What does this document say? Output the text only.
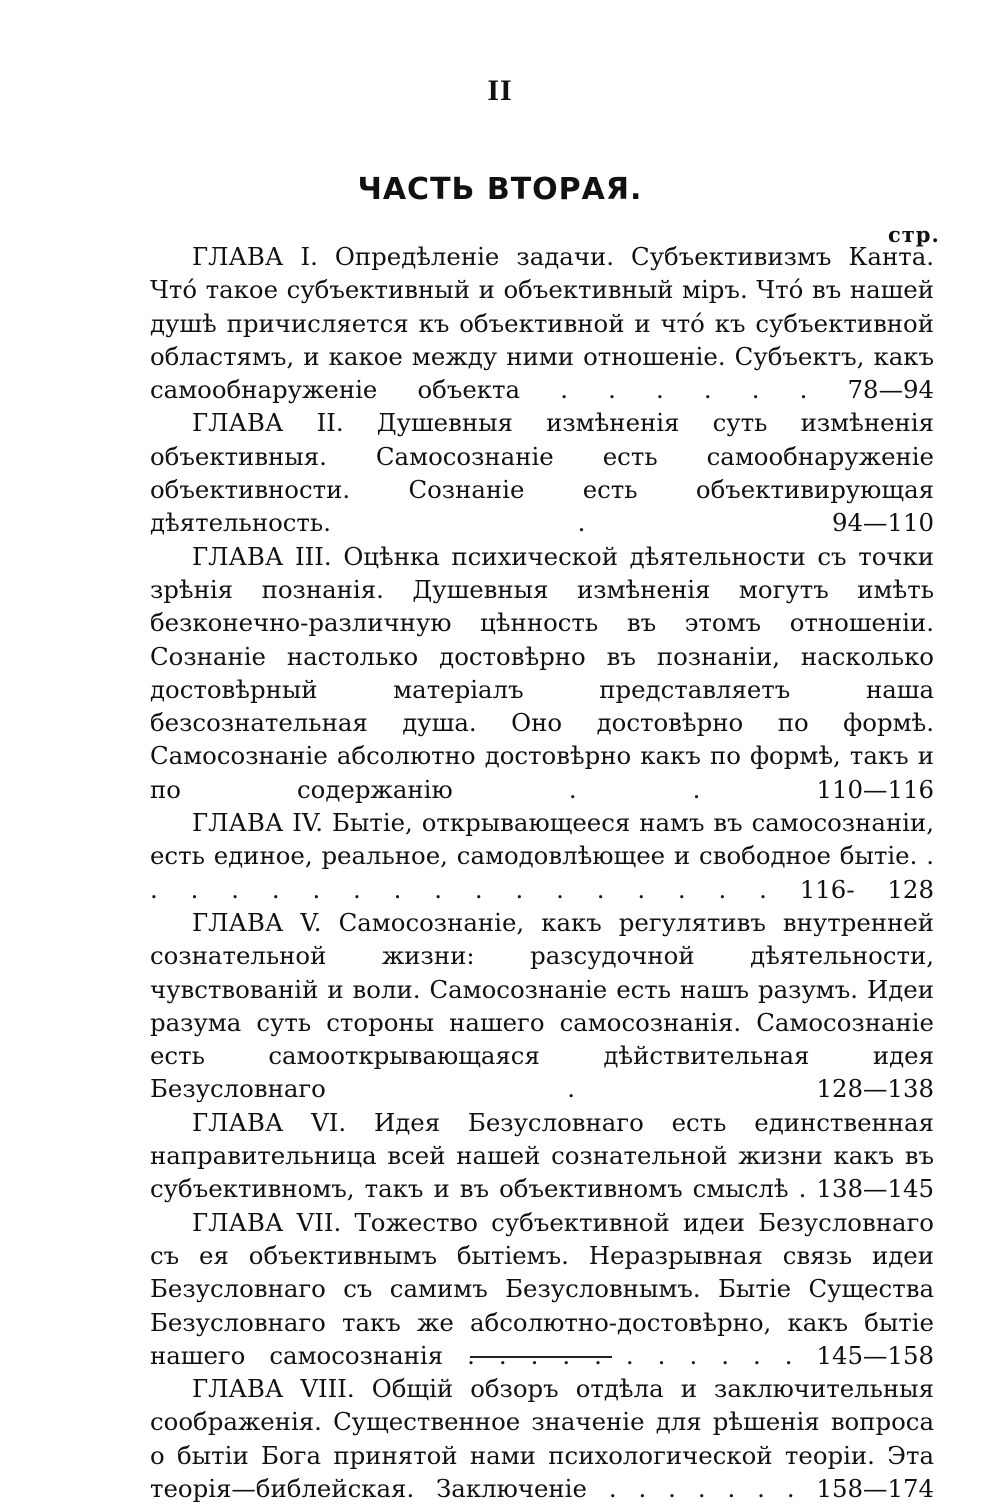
II
ЧАСТЬ ВТОРАЯ.
стр.

ГЛАВА I. Опредѣленіе задачи. Субъективизмъ Канта. Чтó такое субъективный и объективный міръ. Чтó въ нашей душѣ причисляется къ объективной и чтó къ субъективной областямъ, и какое между ними отношеніе. Субъектъ, какъ самообнаруженіе объекта . . . . . . 78—94

ГЛАВА II. Душевныя измѣненія суть измѣненія объективныя. Самосознаніе есть самообнаруженіе объективности. Сознаніе есть объективирующая дѣятельность.	.	94—110

ГЛАВА III. Оцѣнка психической дѣятельности съ точки зрѣнія познанія. Душевныя измѣненія могутъ имѣть безконечно-различную цѣнность въ этомъ отношеніи. Сознаніе настолько достовѣрно въ познаніи, насколько достовѣрный матеріалъ представляетъ наша безсознательная душа. Оно достовѣрно по формѣ. Самосознаніе абсолютно достовѣрно какъ по формѣ, такъ и по содержанію	. .	110—116

ГЛАВА IV. Бытіе, открывающееся намъ въ самосознаніи, есть единое, реальное, самодовлѣющее и свободное бытіе. . . . . . . . . . . . . . . . . . 116- 128

ГЛАВА V. Самосознаніе, какъ регулятивъ внутренней сознательной жизни: разсудочной дѣятельности, чувствованій и воли. Самосознаніе есть нашъ разумъ. Идеи разума суть стороны нашего самосознанія. Самосознаніе есть самооткрывающаяся дѣйствительная идея Безусловнаго	.	128—138

ГЛАВА VI. Идея Безусловнаго есть единственная направительница всей нашей сознательной жизни какъ въ субъективномъ, такъ и въ объективномъ смыслѣ . 138—145

ГЛАВА VII. Тожество субъективной идеи Безусловнаго съ ея объективнымъ бытіемъ. Неразрывная связь идеи Безусловнаго съ самимъ Безусловнымъ. Бытіе Существа Безусловнаго такъ же абсолютно-достовѣрно, какъ бытіе нашего самосознанія . . . . . . . . . . . 145—158

ГЛАВА VIII. Общій обзоръ отдѣла и заключительныя соображенія. Существенное значеніе для рѣшенія вопроса о бытіи Бога принятой нами психологической теоріи. Эта теорія—библейская. Заключеніе . . . . . . . 158—174
